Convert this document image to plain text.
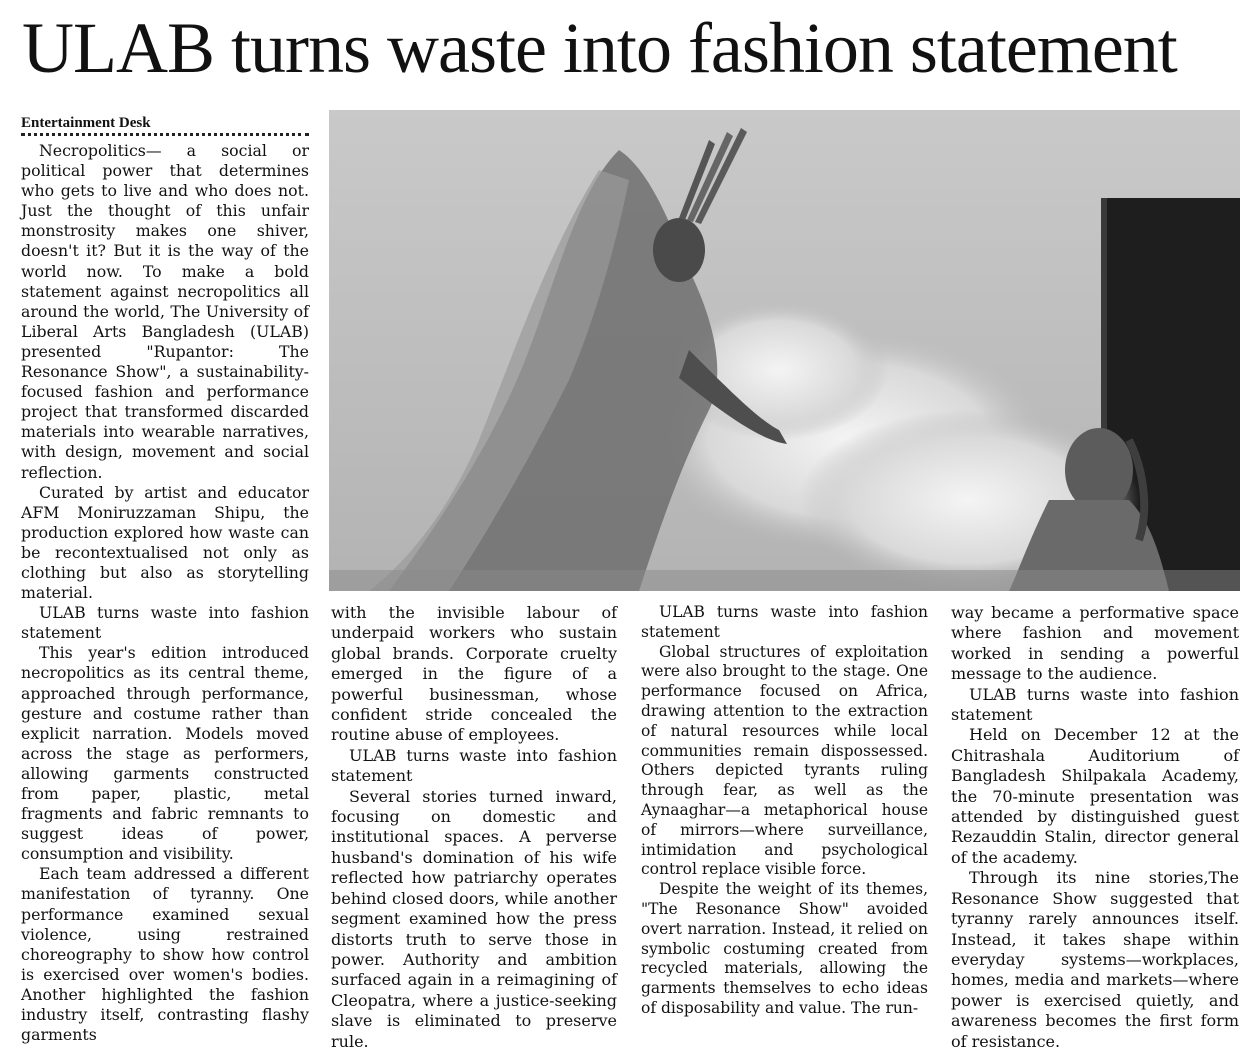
ULAB turns waste into fashion statement
Entertainment Desk

Necropolitics— a social or political power that determines who gets to live and who does not. Just the thought of this unfair monstrosity makes one shiver, doesn't it? But it is the way of the world now. To make a bold statement against necropolitics all around the world, The University of Liberal Arts Bangladesh (ULAB) presented "Rupantor: The Resonance Show", a sustainability-focused fashion and performance project that transformed discarded materials into wearable narratives, with design, movement and social reflection.

Curated by artist and educator AFM Moniruzzaman Shipu, the production explored how waste can be recontextualised not only as clothing but also as storytelling material.

ULAB turns waste into fashion statement

This year's edition introduced necropolitics as its central theme, approached through performance, gesture and costume rather than explicit narration. Models moved across the stage as performers, allowing garments constructed from paper, plastic, metal fragments and fabric remnants to suggest ideas of power, consumption and visibility.

Each team addressed a different manifestation of tyranny. One performance examined sexual violence, using restrained choreography to show how control is exercised over women's bodies. Another highlighted the fashion industry itself, contrasting flashy garments

with the invisible labour of underpaid workers who sustain global brands. Corporate cruelty emerged in the figure of a powerful businessman, whose confident stride concealed the routine abuse of employees.

ULAB turns waste into fashion statement

Several stories turned inward, focusing on domestic and institutional spaces. A perverse husband's domination of his wife reflected how patriarchy operates behind closed doors, while another segment examined how the press distorts truth to serve those in power. Authority and ambition surfaced again in a reimagining of Cleopatra, where a justice-seeking slave is eliminated to preserve rule.

ULAB turns waste into fashion statement

Global structures of exploitation were also brought to the stage. One performance focused on Africa, drawing attention to the extraction of natural resources while local communities remain dispossessed. Others depicted tyrants ruling through fear, as well as the Aynaaghar—a metaphorical house of mirrors—where surveillance, intimidation and psychological control replace visible force.

Despite the weight of its themes, "The Resonance Show" avoided overt narration. Instead, it relied on symbolic costuming created from recycled materials, allowing the garments themselves to echo ideas of disposability and value. The run-

way became a performative space where fashion and movement worked in sending a powerful message to the audience.

ULAB turns waste into fashion statement

Held on December 12 at the Chitrashala Auditorium of Bangladesh Shilpakala Academy, the 70-minute presentation was attended by distinguished guest Rezauddin Stalin, director general of the academy.

Through its nine stories,The Resonance Show suggested that tyranny rarely announces itself. Instead, it takes shape within everyday systems—workplaces, homes, media and markets—where power is exercised quietly, and awareness becomes the first form of resistance.
